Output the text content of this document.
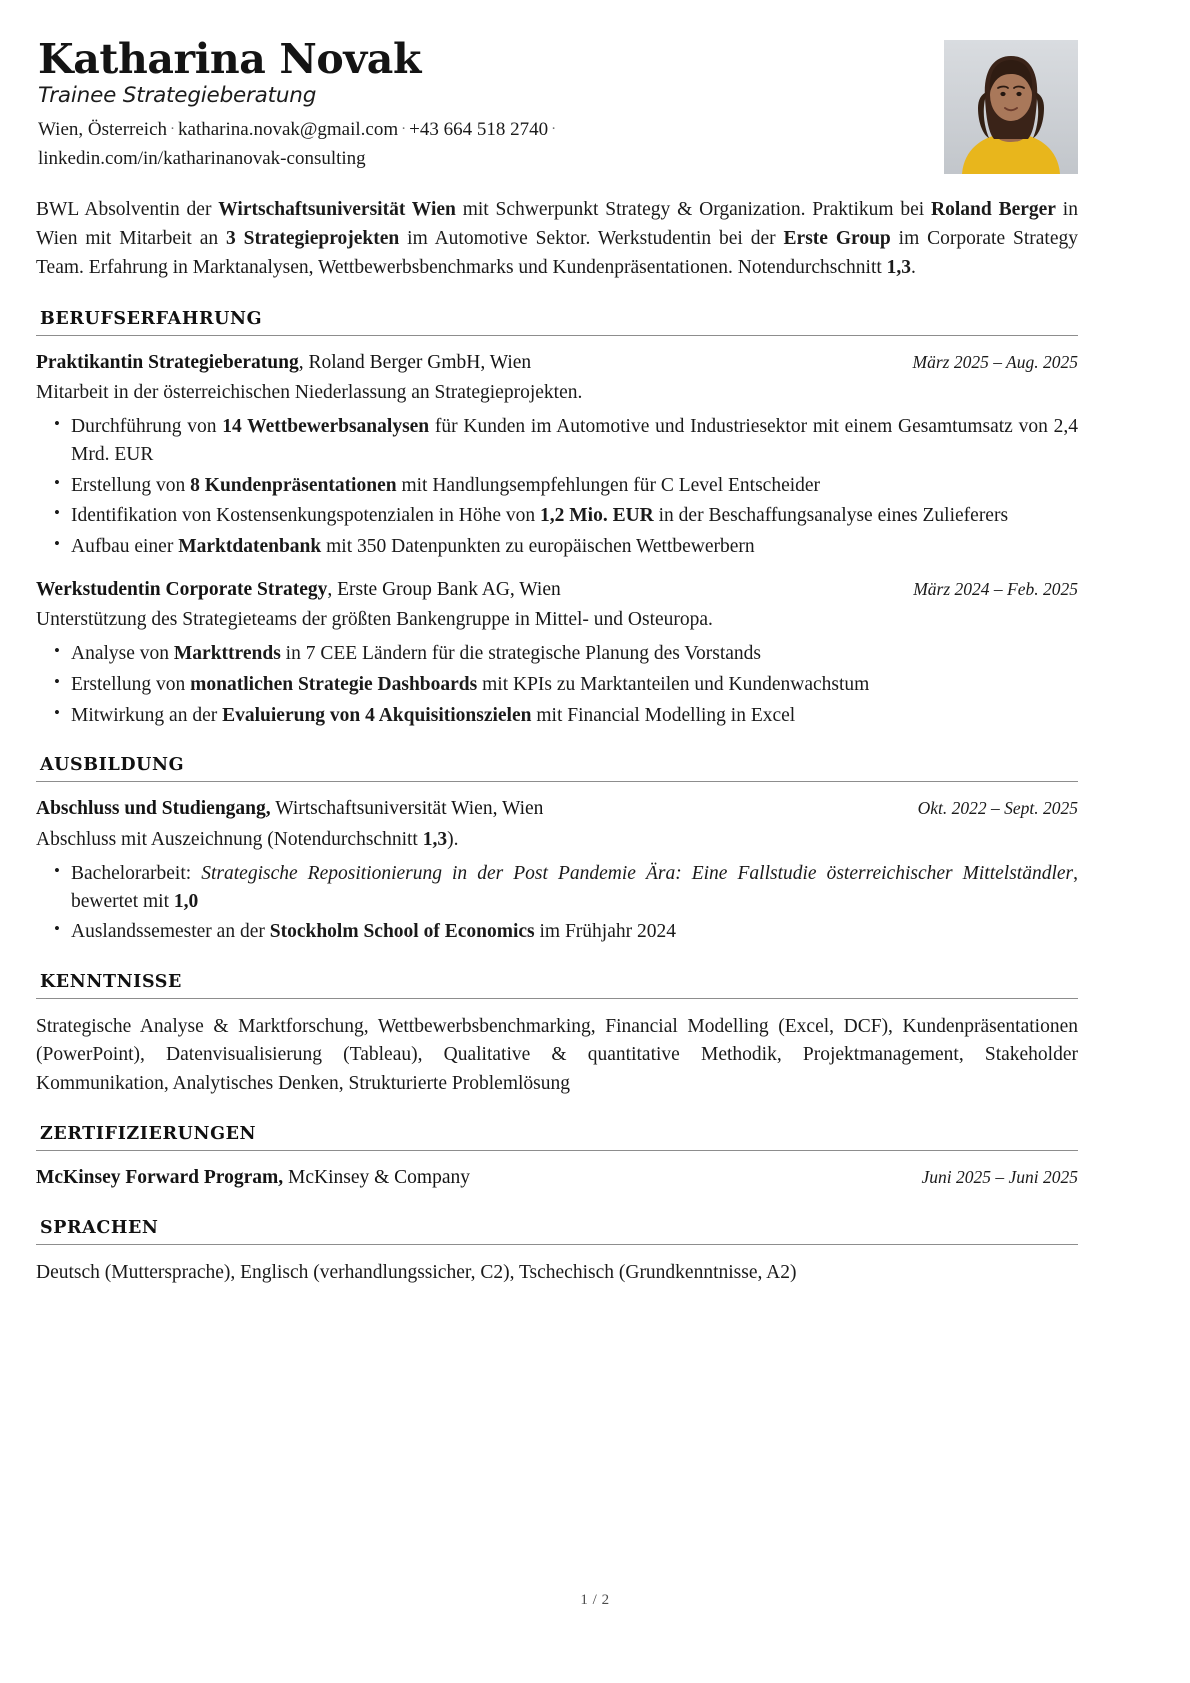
Katharina Novak
Trainee Strategieberatung
Wien, Österreich · katharina.novak@gmail.com · +43 664 518 2740 · linkedin.com/in/katharinanovak-consulting

BWL Absolventin der Wirtschaftsuniversität Wien mit Schwerpunkt Strategy & Organization. Praktikum bei Roland Berger in Wien mit Mitarbeit an 3 Strategieprojekten im Automotive Sektor. Werkstudentin bei der Erste Group im Corporate Strategy Team. Erfahrung in Marktanalysen, Wettbewerbsbenchmarks und Kundenpräsentationen. Notendurchschnitt 1,3.

BERUFSERFAHRUNG
Praktikantin Strategieberatung, Roland Berger GmbH, Wien	März 2025 – Aug. 2025
Mitarbeit in der österreichischen Niederlassung an Strategieprojekten.
• Durchführung von 14 Wettbewerbsanalysen für Kunden im Automotive und Industriesektor mit einem Gesamtumsatz von 2,4 Mrd. EUR
• Erstellung von 8 Kundenpräsentationen mit Handlungsempfehlungen für C Level Entscheider
• Identifikation von Kostensenkungspotenzialen in Höhe von 1,2 Mio. EUR in der Beschaffungsanalyse eines Zulieferers
• Aufbau einer Marktdatenbank mit 350 Datenpunkten zu europäischen Wettbewerbern
Werkstudentin Corporate Strategy, Erste Group Bank AG, Wien	März 2024 – Feb. 2025
Unterstützung des Strategieteams der größten Bankengruppe in Mittel- und Osteuropa.
• Analyse von Markttrends in 7 CEE Ländern für die strategische Planung des Vorstands
• Erstellung von monatlichen Strategie Dashboards mit KPIs zu Marktanteilen und Kundenwachstum
• Mitwirkung an der Evaluierung von 4 Akquisitionszielen mit Financial Modelling in Excel
AUSBILDUNG
Abschluss und Studiengang, Wirtschaftsuniversität Wien, Wien	Okt. 2022 – Sept. 2025
Abschluss mit Auszeichnung (Notendurchschnitt 1,3).
• Bachelorarbeit: Strategische Repositionierung in der Post Pandemie Ära: Eine Fallstudie österreichischer Mittelständler, bewertet mit 1,0
• Auslandssemester an der Stockholm School of Economics im Frühjahr 2024
KENNTNISSE
Strategische Analyse & Marktforschung, Wettbewerbsbenchmarking, Financial Modelling (Excel, DCF), Kundenpräsentationen (PowerPoint), Datenvisualisierung (Tableau), Qualitative & quantitative Methodik, Projektmanagement, Stakeholder Kommunikation, Analytisches Denken, Strukturierte Problemlösung
ZERTIFIZIERUNGEN
McKinsey Forward Program, McKinsey & Company	Juni 2025 – Juni 2025
SPRACHEN
Deutsch (Muttersprache), Englisch (verhandlungssicher, C2), Tschechisch (Grundkenntnisse, A2)
1 / 2
